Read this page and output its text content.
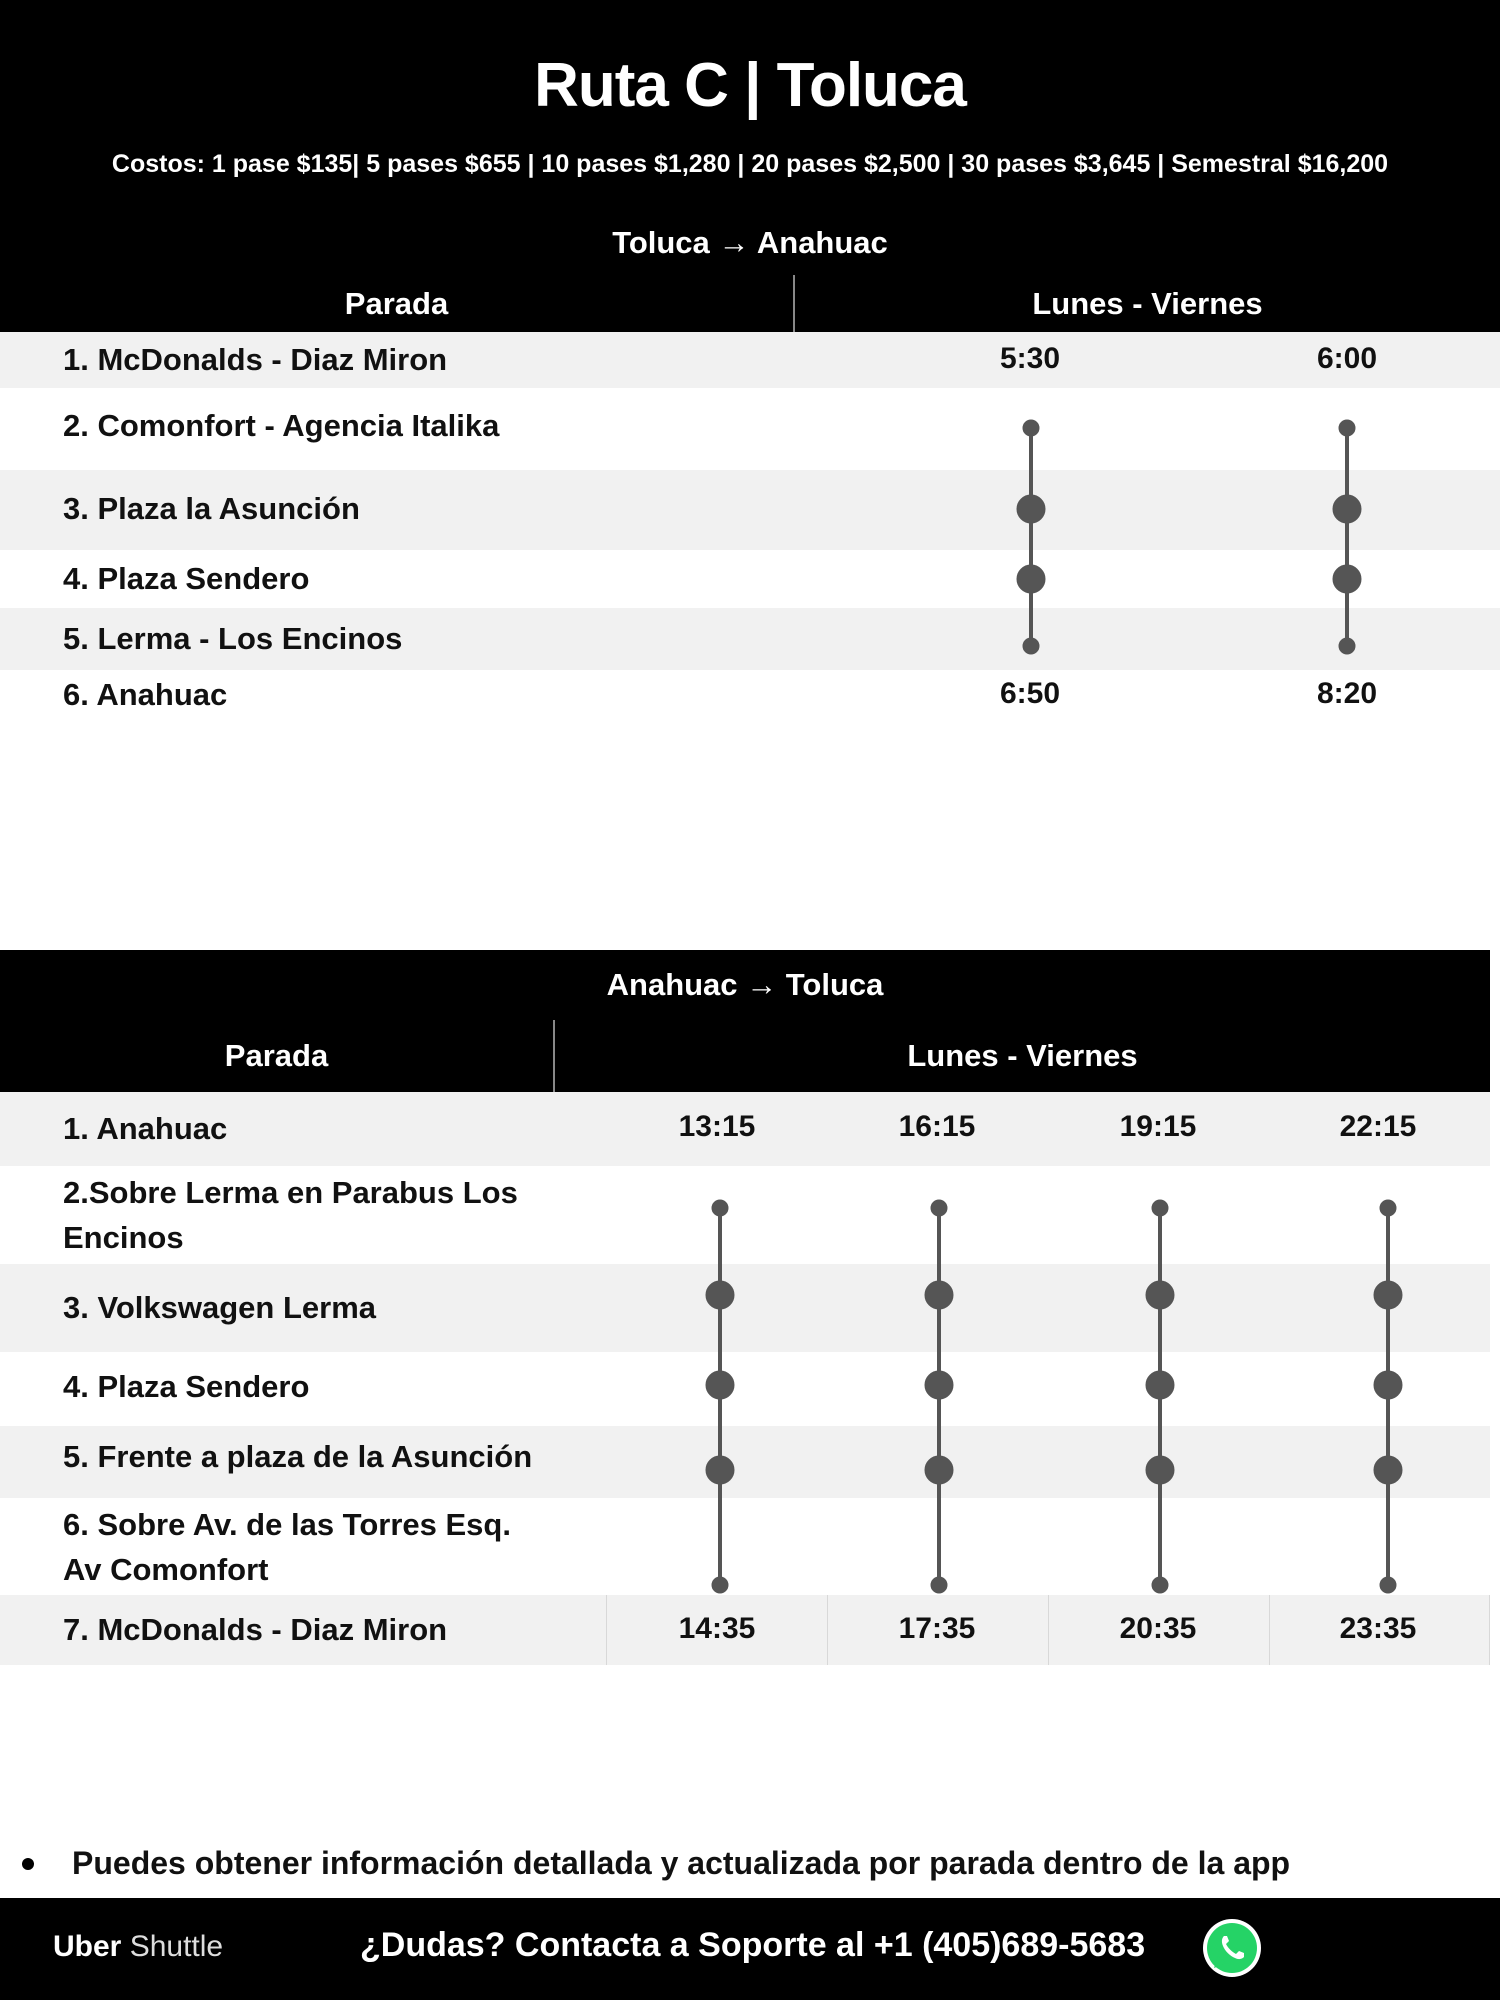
Ruta C | Toluca
Costos: 1 pase $135| 5 pases $655 | 10 pases $1,280 | 20 pases $2,500 | 30 pases $3,645 | Semestral $16,200
Toluca → Anahuac
Parada	Lunes - Viernes
1. McDonalds - Diaz Miron	5:30	6:00
2. Comonfort - Agencia Italika
3. Plaza la Asunción
4. Plaza Sendero
5. Lerma - Los Encinos
6. Anahuac	6:50	8:20
Anahuac → Toluca
Parada	Lunes - Viernes
1. Anahuac	13:15	16:15	19:15	22:15
2.Sobre Lerma en Parabus Los Encinos
3. Volkswagen Lerma
4. Plaza Sendero
5. Frente a plaza de la Asunción
6. Sobre Av. de las Torres Esq. Av Comonfort
7. McDonalds - Diaz Miron	14:35	17:35	20:35	23:35
Puedes obtener información detallada y actualizada por parada dentro de la app
Uber Shuttle	¿Dudas? Contacta a Soporte al +1 (405)689-5683
